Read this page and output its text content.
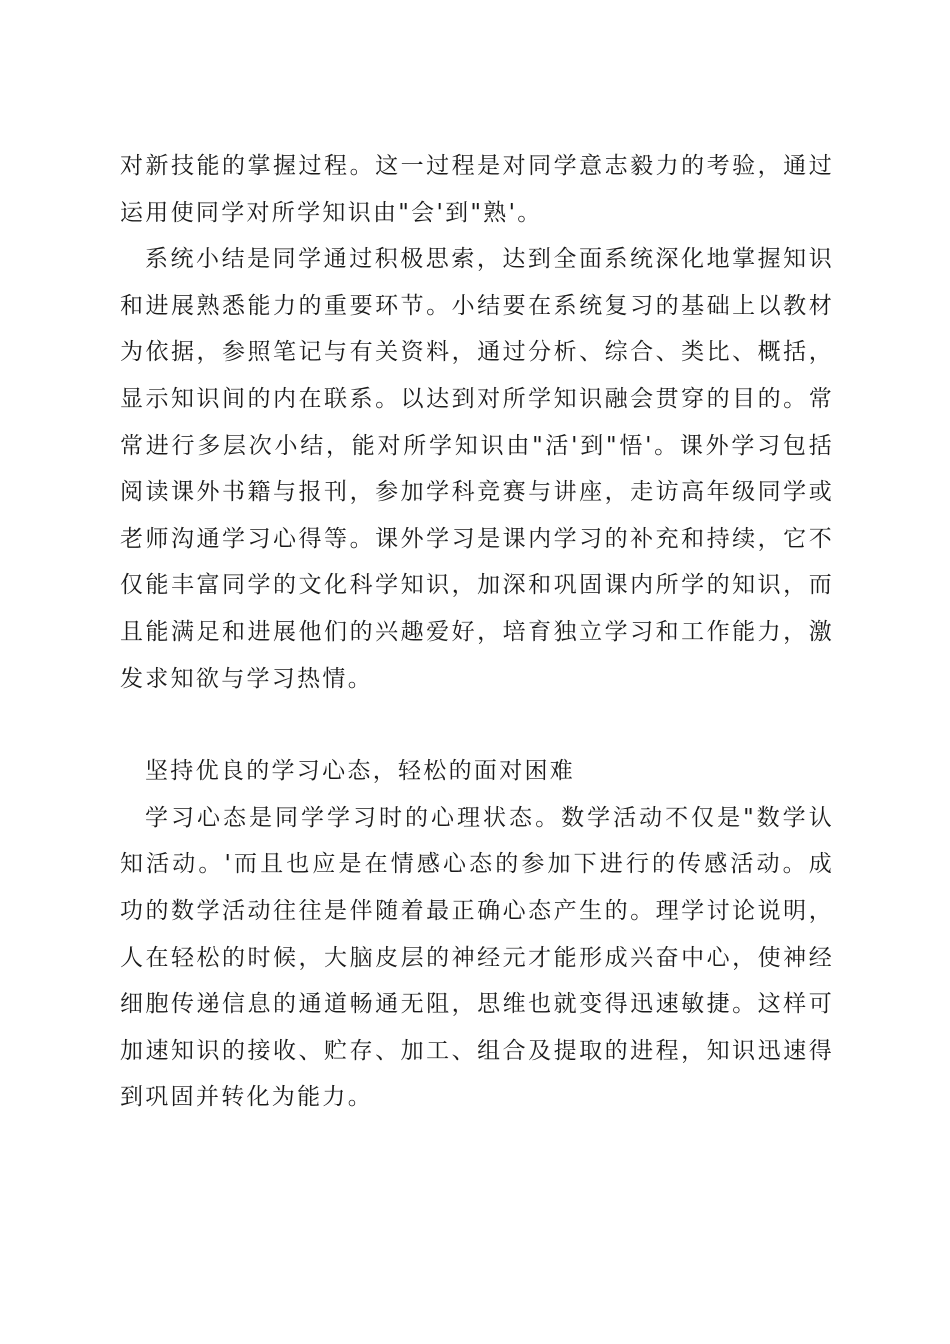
对新技能的掌握过程。这一过程是对同学意志毅力的考验，通过运用使同学对所学知识由"会'到"熟'。

系统小结是同学通过积极思索，达到全面系统深化地掌握知识和进展熟悉能力的重要环节。小结要在系统复习的基础上以教材为依据，参照笔记与有关资料，通过分析、综合、类比、概括，显示知识间的内在联系。以达到对所学知识融会贯穿的目的。常常进行多层次小结，能对所学知识由"活'到"悟'。课外学习包括阅读课外书籍与报刊，参加学科竞赛与讲座，走访高年级同学或老师沟通学习心得等。课外学习是课内学习的补充和持续，它不仅能丰富同学的文化科学知识，加深和巩固课内所学的知识，而且能满足和进展他们的兴趣爱好，培育独立学习和工作能力，激发求知欲与学习热情。

坚持优良的学习心态，轻松的面对困难

学习心态是同学学习时的心理状态。数学活动不仅是"数学认知活动。'而且也应是在情感心态的参加下进行的传感活动。成功的数学活动往往是伴随着最正确心态产生的。理学讨论说明，人在轻松的时候，大脑皮层的神经元才能形成兴奋中心，使神经细胞传递信息的通道畅通无阻，思维也就变得迅速敏捷。这样可加速知识的接收、贮存、加工、组合及提取的进程，知识迅速得到巩固并转化为能力。
